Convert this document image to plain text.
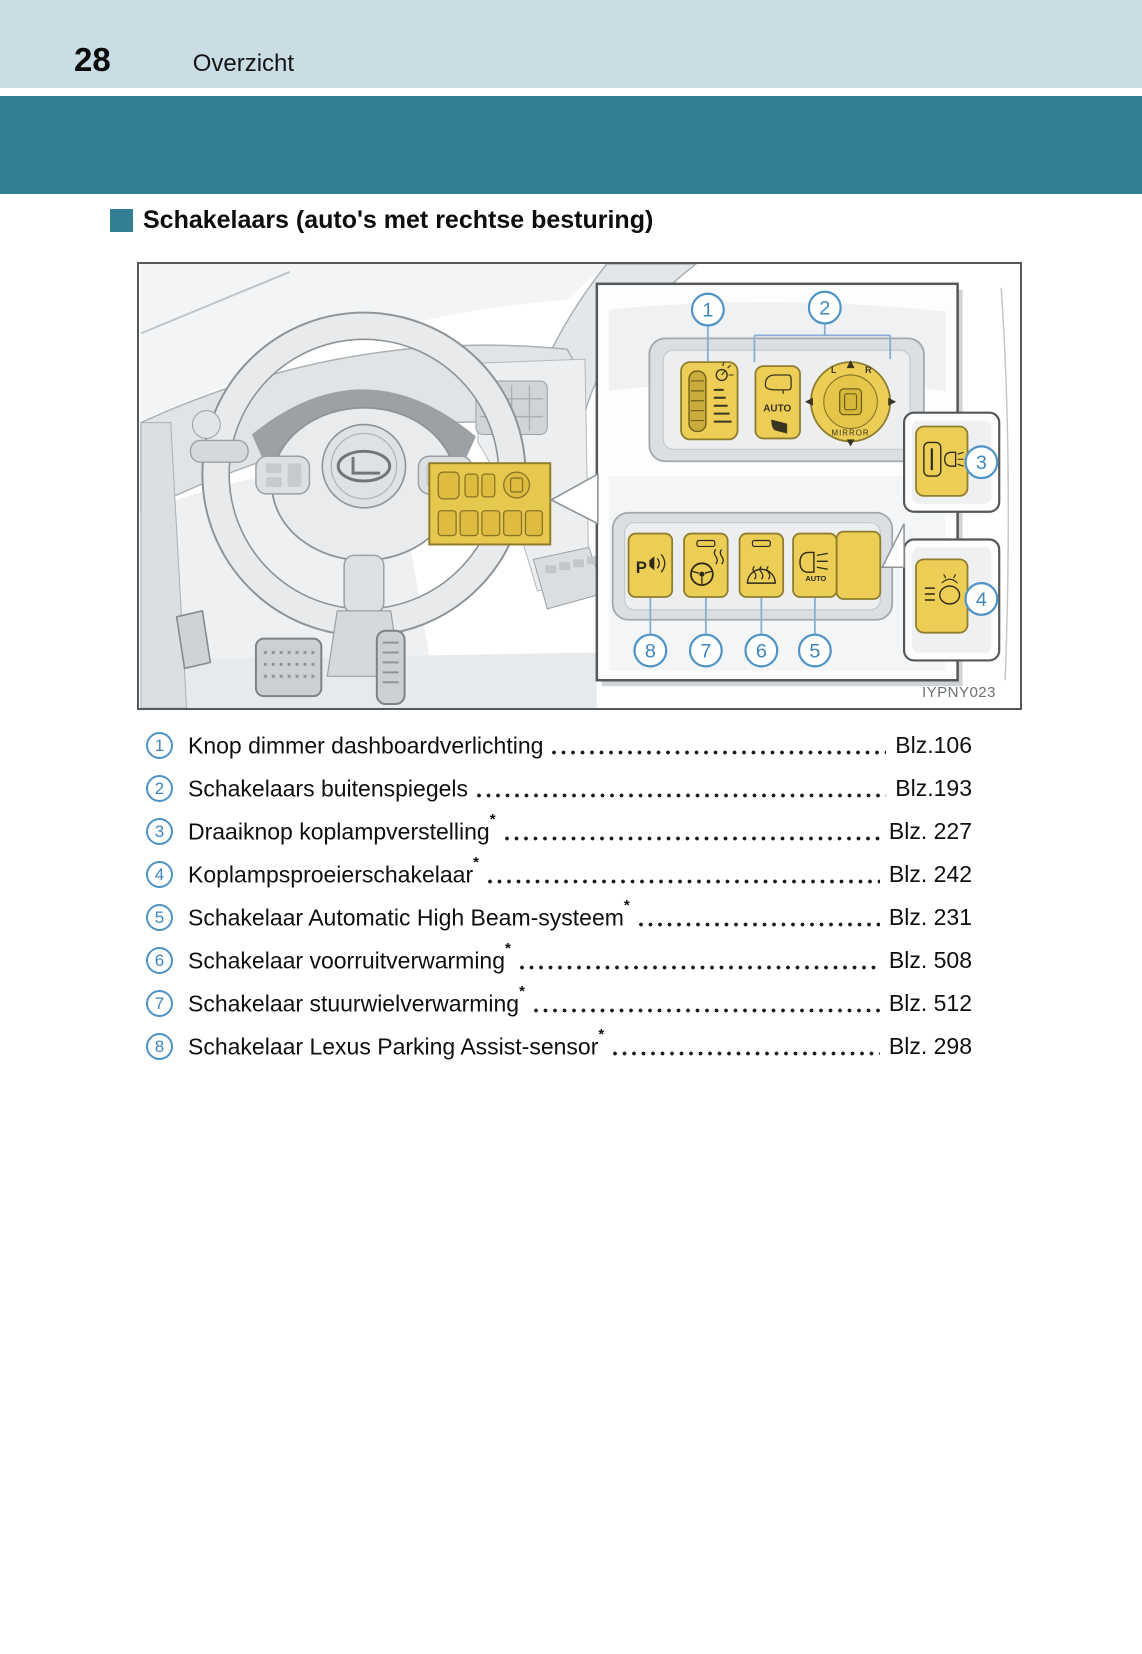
28	Overzicht
Schakelaars (auto's met rechtse besturing)
AUTO
L	R
MIRROR
1	2
P
AUTO
8 7 6 5
3
4
IYPNY023
1 Knop dimmer dashboardverlichting	Blz.106
2 Schakelaars buitenspiegels	Blz.193
3 Draaiknop koplampverstelling*	Blz. 227
4 Koplampsproeierschakelaar*	Blz. 242
5 Schakelaar Automatic High Beam-systeem*	Blz. 231
6 Schakelaar voorruitverwarming*	Blz. 508
7 Schakelaar stuurwielverwarming*	Blz. 512
8 Schakelaar Lexus Parking Assist-sensor*	Blz. 298
